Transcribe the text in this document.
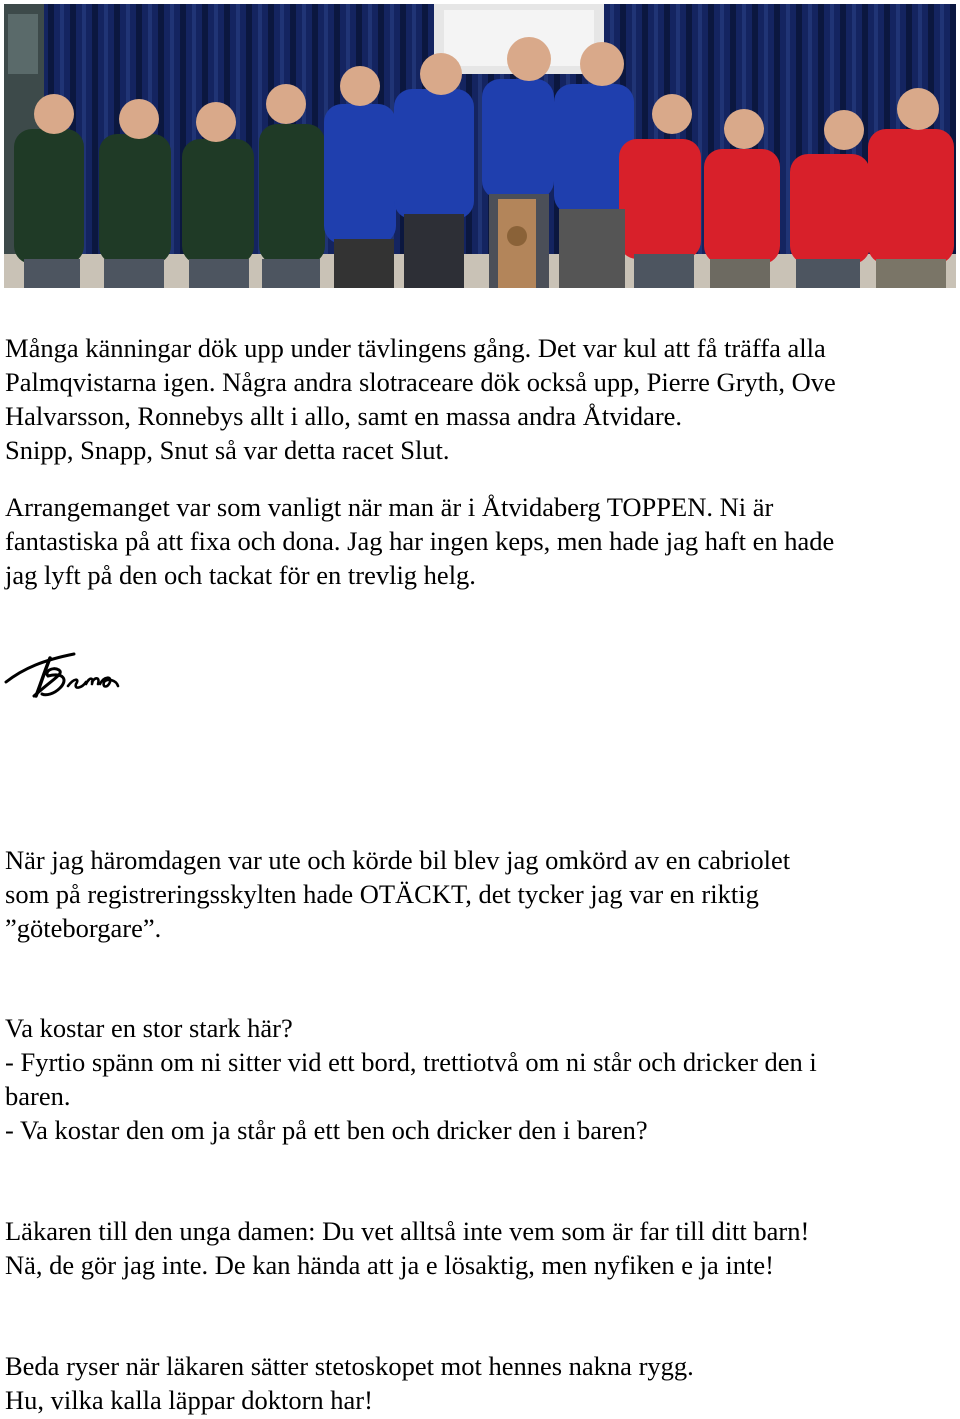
Många känningar dök upp under tävlingens gång. Det var kul att få träffa alla
Palmqvistarna igen. Några andra slotraceare dök också upp, Pierre Gryth, Ove
Halvarsson, Ronnebys allt i allo, samt en massa andra Åtvidare.
Snipp, Snapp, Snut så var detta racet Slut.
Arrangemanget var som vanligt när man är i Åtvidaberg TOPPEN. Ni är
fantastiska på att fixa och dona. Jag har ingen keps, men hade jag haft en hade
jag lyft på den och tackat för en trevlig helg.
När jag häromdagen var ute och körde bil blev jag omkörd av en cabriolet
som på registreringsskylten hade OTÄCKT, det tycker jag var en riktig
”göteborgare”.
Va kostar en stor stark här?
- Fyrtio spänn om ni sitter vid ett bord, trettiotvå om ni står och dricker den i
baren.
- Va kostar den om ja står på ett ben och dricker den i baren?
Läkaren till den unga damen: Du vet alltså inte vem som är far till ditt barn!
Nä, de gör jag inte. De kan hända att ja e lösaktig, men nyfiken e ja inte!
Beda ryser när läkaren sätter stetoskopet mot hennes nakna rygg.
Hu, vilka kalla läppar doktorn har!
